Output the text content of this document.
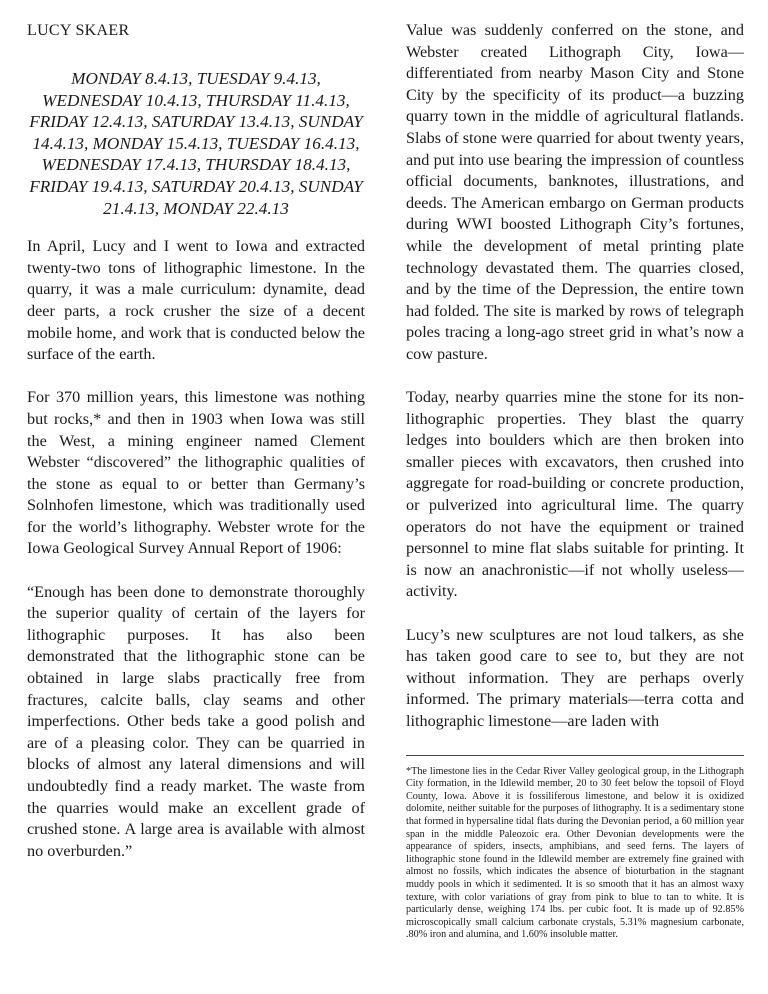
LUCY SKAER
MONDAY 8.4.13, TUESDAY 9.4.13, WEDNESDAY 10.4.13, THURSDAY 11.4.13, FRIDAY 12.4.13, SATURDAY 13.4.13, SUNDAY 14.4.13, MONDAY 15.4.13, TUESDAY 16.4.13, WEDNESDAY 17.4.13, THURSDAY 18.4.13, FRIDAY 19.4.13, SATURDAY 20.4.13, SUNDAY 21.4.13, MONDAY 22.4.13

In April, Lucy and I went to Iowa and extracted twenty-two tons of lithographic limestone. In the quarry, it was a male curriculum: dynamite, dead deer parts, a rock crusher the size of a decent mobile home, and work that is conducted below the surface of the earth.

For 370 million years, this limestone was nothing but rocks,* and then in 1903 when Iowa was still the West, a mining engineer named Clement Webster “discovered” the lithographic qualities of the stone as equal to or better than Germany’s Solnhofen limestone, which was traditionally used for the world’s lithography. Webster wrote for the Iowa Geological Survey Annual Report of 1906:

“Enough has been done to demonstrate thoroughly the superior quality of certain of the layers for lithographic purposes. It has also been demonstrated that the lithographic stone can be obtained in large slabs practically free from fractures, calcite balls, clay seams and other imperfections. Other beds take a good polish and are of a pleasing color. They can be quarried in blocks of almost any lateral dimensions and will undoubtedly find a ready market. The waste from the quarries would make an excellent grade of crushed stone. A large area is available with almost no overburden.”

Value was suddenly conferred on the stone, and Webster created Lithograph City, Iowa—differentiated from nearby Mason City and Stone City by the specificity of its product—a buzzing quarry town in the middle of agricultural flatlands. Slabs of stone were quarried for about twenty years, and put into use bearing the impression of countless official documents, banknotes, illustrations, and deeds. The American embargo on German products during WWI boosted Lithograph City’s fortunes, while the development of metal printing plate technology devastated them. The quarries closed, and by the time of the Depression, the entire town had folded. The site is marked by rows of telegraph poles tracing a long-ago street grid in what’s now a cow pasture.

Today, nearby quarries mine the stone for its non-lithographic properties. They blast the quarry ledges into boulders which are then broken into smaller pieces with excavators, then crushed into aggregate for road-building or concrete production, or pulverized into agricultural lime. The quarry operators do not have the equipment or trained personnel to mine flat slabs suitable for printing. It is now an anachronistic—if not wholly useless—activity.

Lucy’s new sculptures are not loud talkers, as she has taken good care to see to, but they are not without information. They are perhaps overly informed. The primary materials—terra cotta and lithographic limestone—are laden with

*The limestone lies in the Cedar River Valley geological group, in the Lithograph City formation, in the Idlewild member, 20 to 30 feet below the topsoil of Floyd County, Iowa. Above it is fossiliferous limestone, and below it is oxidized dolomite, neither suitable for the purposes of lithography. It is a sedimentary stone that formed in hypersaline tidal flats during the Devonian period, a 60 million year span in the middle Paleozoic era. Other Devonian developments were the appearance of spiders, insects, amphibians, and seed ferns. The layers of lithographic stone found in the Idlewild member are extremely fine grained with almost no fossils, which indicates the absence of bioturbation in the stagnant muddy pools in which it sedimented. It is so smooth that it has an almost waxy texture, with color variations of gray from pink to blue to tan to white. It is particularly dense, weighing 174 lbs. per cubic foot. It is made up of 92.85% microscopically small calcium carbonate crystals, 5.31% magnesium carbonate, .80% iron and alumina, and 1.60% insoluble matter.
